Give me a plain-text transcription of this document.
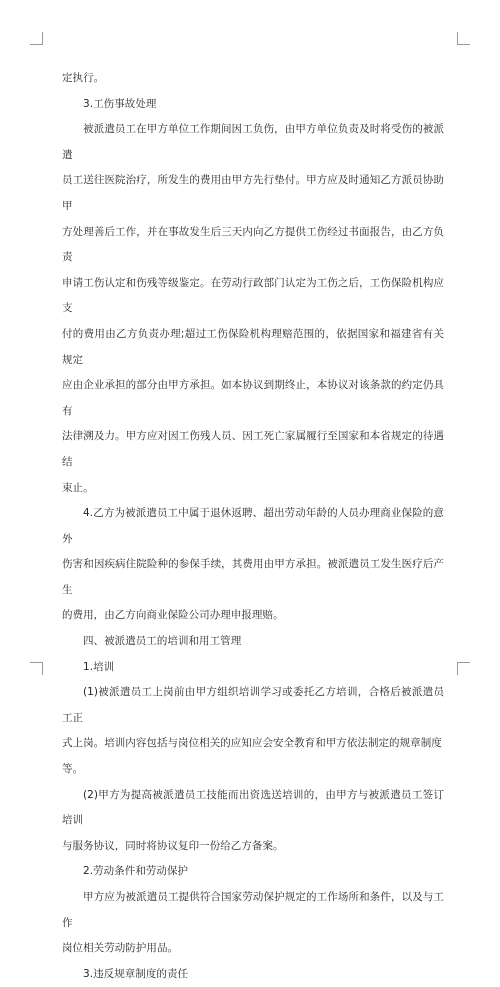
定执行。
3.工伤事故处理
被派遣员工在甲方单位工作期间因工负伤，由甲方单位负责及时将受伤的被派遣
员工送往医院治疗，所发生的费用由甲方先行垫付。甲方应及时通知乙方派员协助甲
方处理善后工作，并在事故发生后三天内向乙方提供工伤经过书面报告，由乙方负责
申请工伤认定和伤残等级鉴定。在劳动行政部门认定为工伤之后，工伤保险机构应支
付的费用由乙方负责办理;超过工伤保险机构理赔范围的，依据国家和福建省有关规定
应由企业承担的部分由甲方承担。如本协议到期终止，本协议对该条款的约定仍具有
法律溯及力。甲方应对因工伤残人员、因工死亡家属履行至国家和本省规定的待遇结
束止。
4.乙方为被派遣员工中属于退休返聘、超出劳动年龄的人员办理商业保险的意外
伤害和因疾病住院险种的参保手续，其费用由甲方承担。被派遣员工发生医疗后产生
的费用，由乙方向商业保险公司办理申报理赔。
四、被派遣员工的培训和用工管理
1.培训
(1)被派遣员工上岗前由甲方组织培训学习或委托乙方培训，合格后被派遣员工正
式上岗。培训内容包括与岗位相关的应知应会安全教育和甲方依法制定的规章制度等。
(2)甲方为提高被派遣员工技能而出资选送培训的，由甲方与被派遣员工签订培训
与服务协议，同时将协议复印一份给乙方备案。
2.劳动条件和劳动保护
甲方应为被派遣员工提供符合国家劳动保护规定的工作场所和条件，以及与工作
岗位相关劳动防护用品。
3.违反规章制度的责任
